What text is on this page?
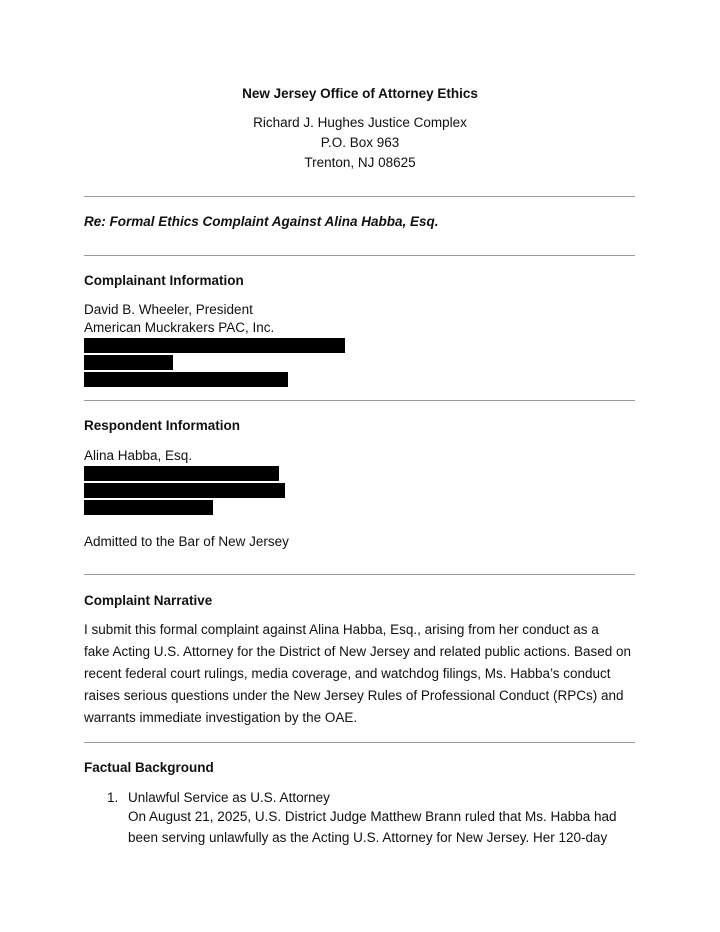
New Jersey Office of Attorney Ethics
Richard J. Hughes Justice Complex
P.O. Box 963
Trenton, NJ 08625
Re: Formal Ethics Complaint Against Alina Habba, Esq.
Complainant Information
David B. Wheeler, President
American Muckrakers PAC, Inc.
Respondent Information
Alina Habba, Esq.
Admitted to the Bar of New Jersey
Complaint Narrative
I submit this formal complaint against Alina Habba, Esq., arising from her conduct as a
fake Acting U.S. Attorney for the District of New Jersey and related public actions. Based on
recent federal court rulings, media coverage, and watchdog filings, Ms. Habba’s conduct
raises serious questions under the New Jersey Rules of Professional Conduct (RPCs) and
warrants immediate investigation by the OAE.
Factual Background
1. Unlawful Service as U.S. Attorney
On August 21, 2025, U.S. District Judge Matthew Brann ruled that Ms. Habba had
been serving unlawfully as the Acting U.S. Attorney for New Jersey. Her 120-day
